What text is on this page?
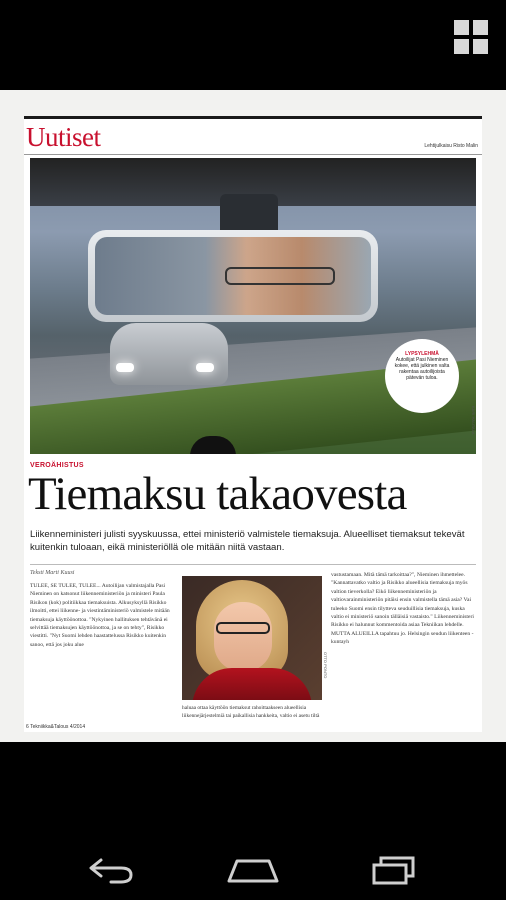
Uutiset	Lehtijulkaisu Risto Malin
LYPSYLEHMÄ
Autoilijat Pasi Nieminen kokee, että julkinen valta rakentaa autoilijoista pätevän tuloa.
KARI HAUTALA
VEROÄHISTUS
Tiemaksu takaovesta
Liikenneministeri julisti syyskuussa, ettei ministeriö valmistele tiemaksuja. Alueelliset tiemaksut tekevät kuitenkin tuloaan, eikä ministeriöllä ole mitään niitä vastaan.
Teksti Marti Kuusi
TULEE, SE TULEE, TULEE... Autoilijan valmistajalla Pasi Nieminen on katsonut liikenneministeriön ja ministeri Paula Risikon (kok) politiikkaa tiemaksuista. Alkusyksyllä Risikko ilmoitti, ettei liikenne- ja viestintäministeriö valmistele mitään tiemaksuja käyttöönottoa. "Nykyinen hallituksen tehtävänä ei selvittää tiemaksujen käyttöönottoa, ja se on tehty", Risikko viestitti. "Nyt Suomi lehden haastattelussa Risikko kuitenkin sanoo, että jos joku alue
OTTO PONTO
haluaa ottaa käyttöön tiemaksut rahoittaakseen alueellisia liikennejärjestelmiä tai paikallisia hankkeita, valtio ei asetu tiltä
vastustamaan. Mitä tämä tarkoittaa?", Nieminen ihmettelee. "Kannattavatko valtio ja Risikko alueellisia tiemaksuja myös valtion tieverkolla? Eikö liikenneministeriön ja valtiovarainministeriön pitäisi ensin valmistella tämä asia? Vai tuleeko Suomi ensin tilytteva seuduillisia tiemaksuja, kuska valtio ei ministeriö sanoin tälläisiä vastaisto." Liikenneministeri Risikko ei halunnut kommentoida asiaa Tekniikan lehdelle. MUTTA ALUEILLA tapahtuu jo. Helsingin seudun liikenteen -kuntayh
6 Tekniikka&Talous 4/2014
